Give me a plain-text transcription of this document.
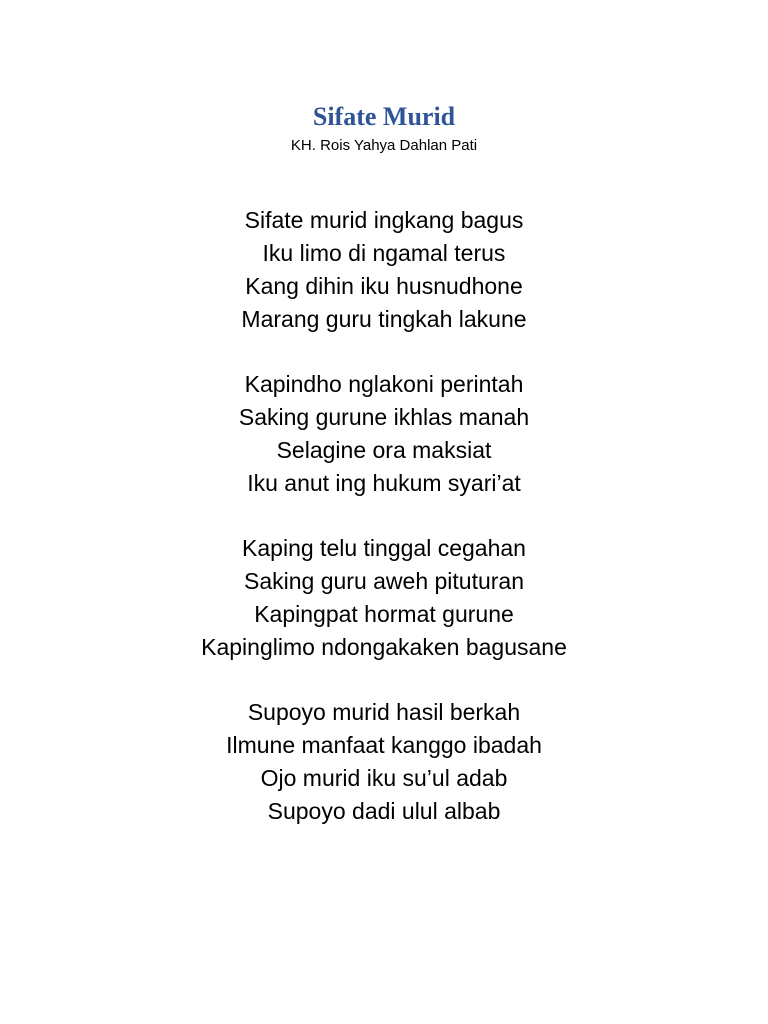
Sifate Murid

KH. Rois Yahya Dahlan Pati

Sifate murid ingkang bagus
Iku limo di ngamal terus
Kang dihin iku husnudhone
Marang guru tingkah lakune
Kapindho nglakoni perintah
Saking gurune ikhlas manah
Selagine ora maksiat
Iku anut ing hukum syari’at
Kaping telu tinggal cegahan
Saking guru aweh pituturan
Kapingpat hormat gurune
Kapinglimo ndongakaken bagusane
Supoyo murid hasil berkah
Ilmune manfaat kanggo ibadah
Ojo murid iku su’ul adab
Supoyo dadi ulul albab
